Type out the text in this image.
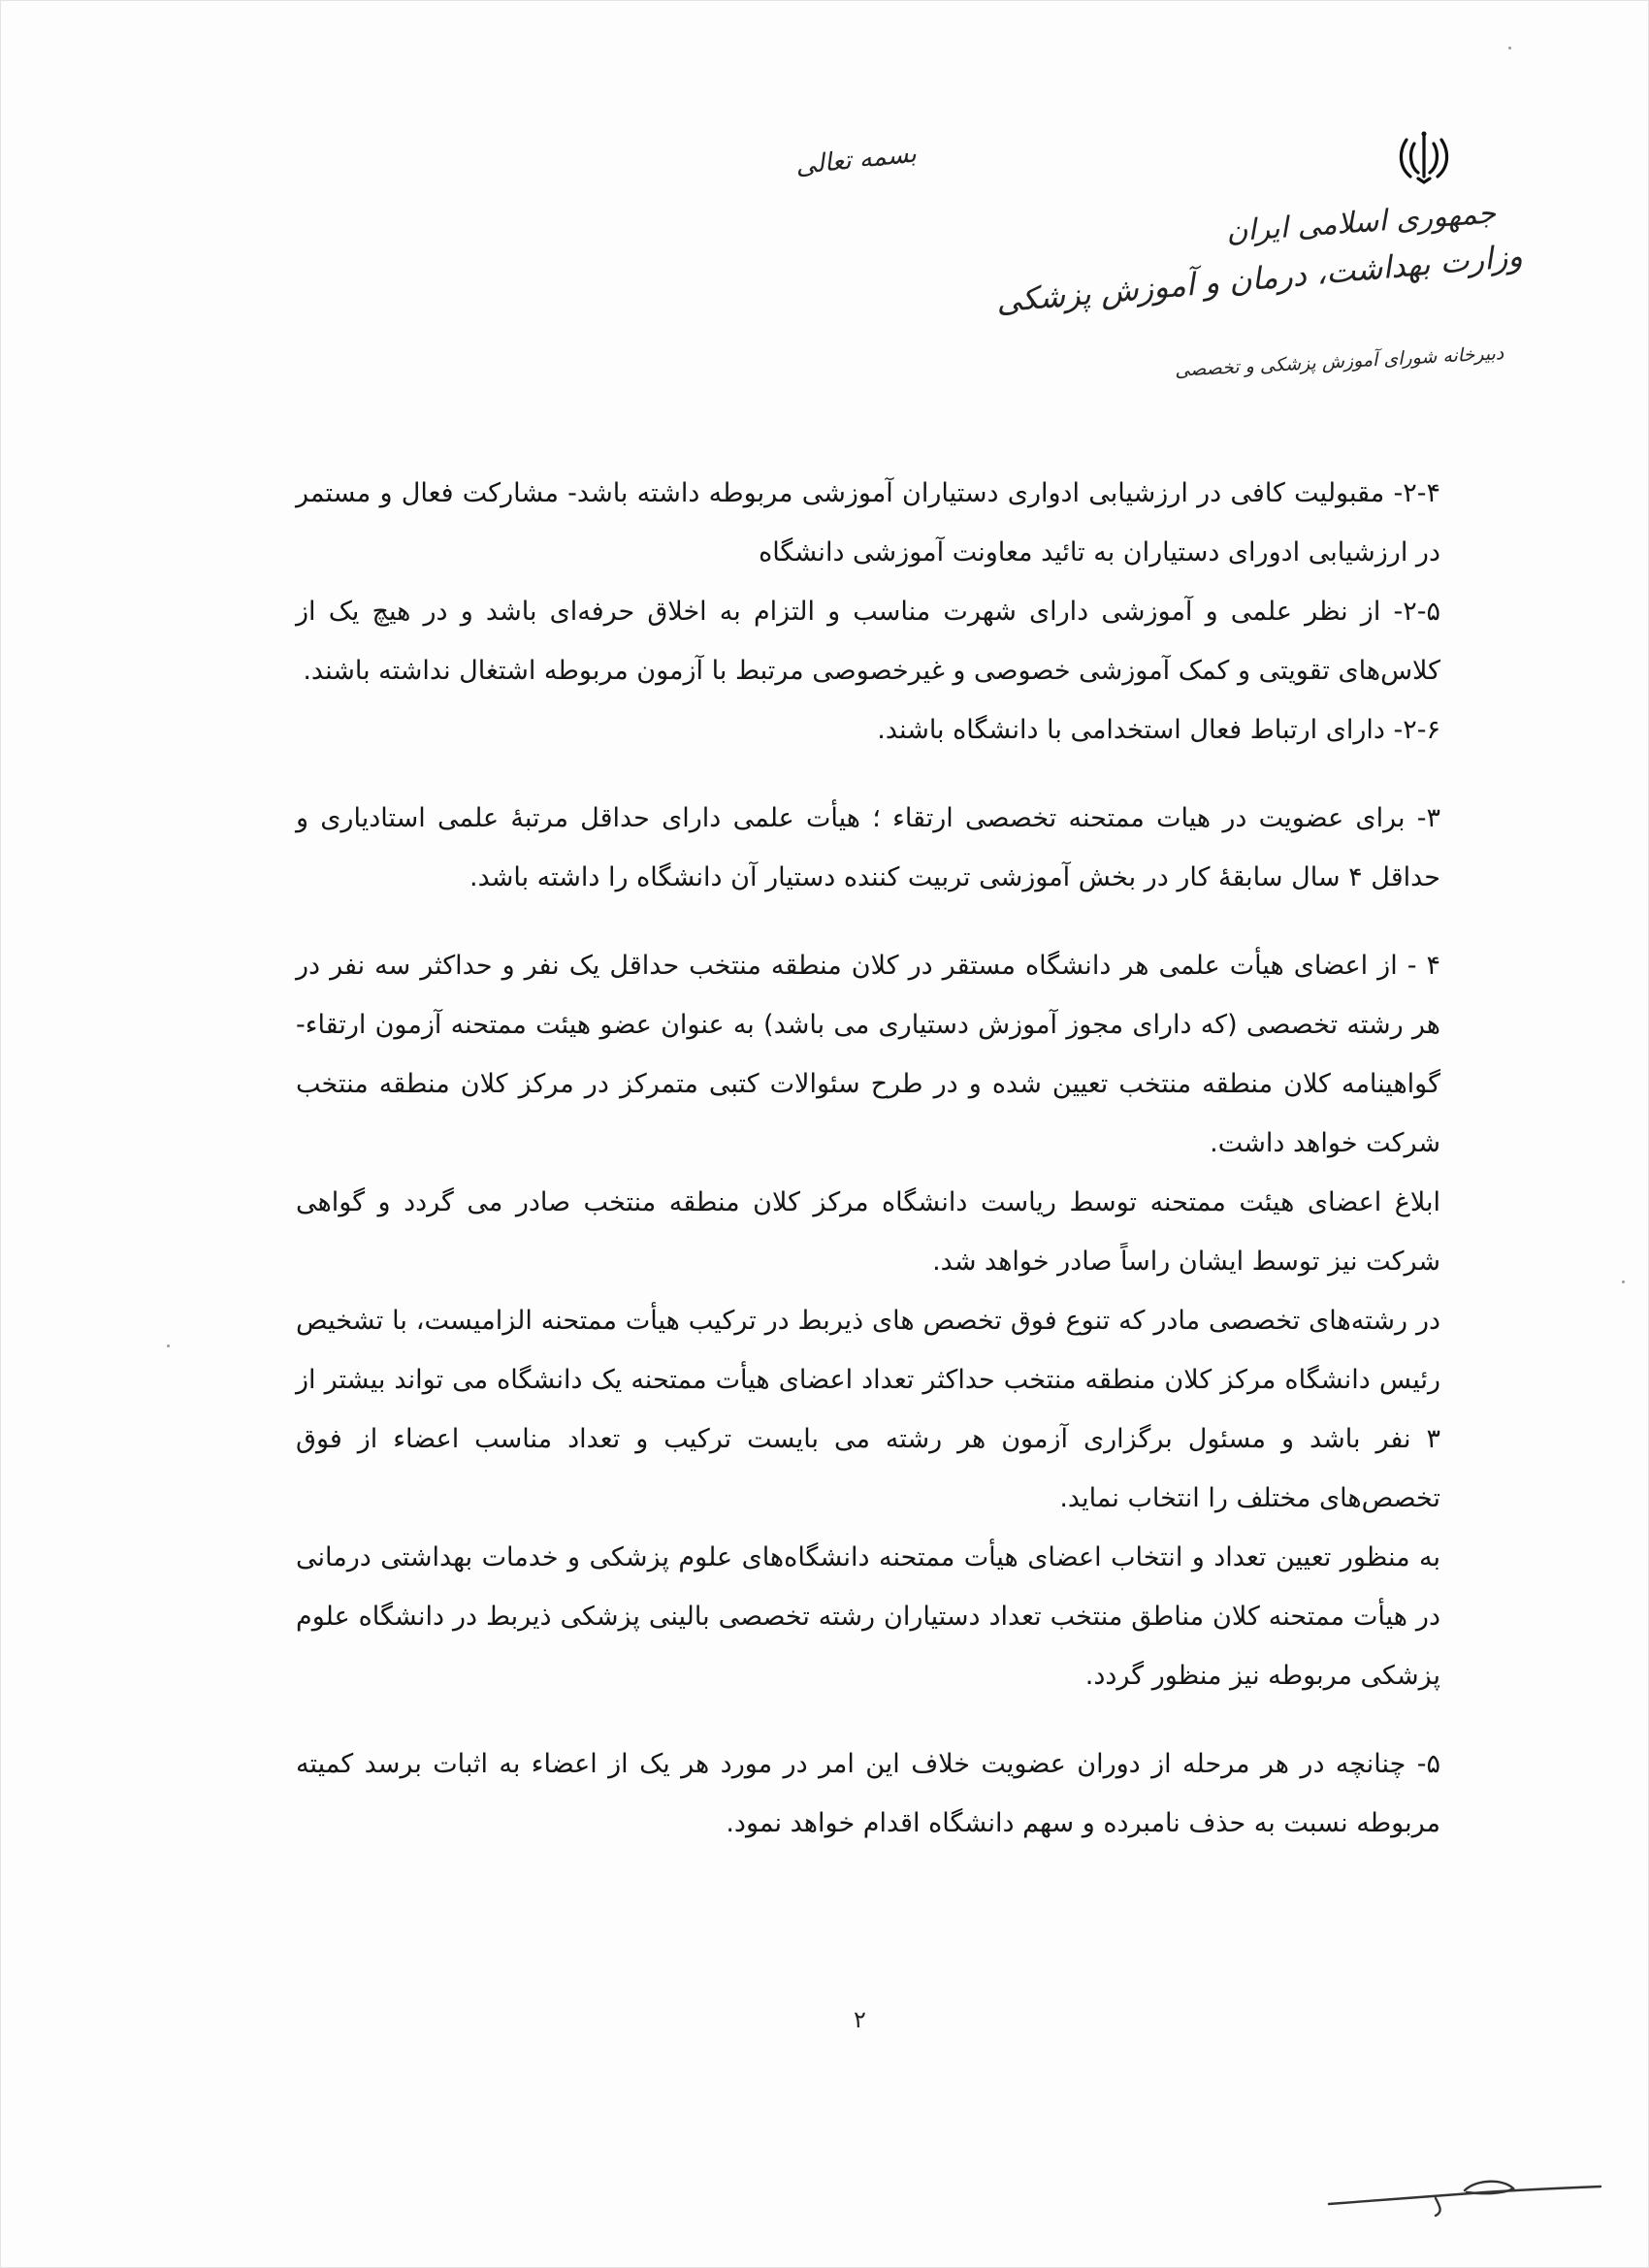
جمهوری اسلامی ایران
وزارت بهداشت، درمان و آموزش پزشکی
دبیرخانه شورای آموزش پزشکی و تخصصی
بسمه تعالی

۲-۴- مقبولیت کافی در ارزشیابی ادواری دستیاران آموزشی مربوطه داشته باشد- مشارکت فعال و مستمر در ارزشیابی ادورای دستیاران به تائید معاونت آموزشی دانشگاه

۲-۵- از نظر علمی و آموزشی دارای شهرت مناسب و التزام به اخلاق حرفه‌ای باشد و در هیچ یک از کلاس‌های تقویتی و کمک آموزشی خصوصی و غیرخصوصی مرتبط با آزمون مربوطه اشتغال نداشته باشند.

۲-۶- دارای ارتباط فعال استخدامی با دانشگاه باشند.

۳- برای عضویت در هیات ممتحنه تخصصی ارتقاء ؛ هیأت علمی دارای حداقل مرتبهٔ علمی استادیاری و حداقل ۴ سال سابقهٔ کار در بخش آموزشی تربیت کننده دستیار آن دانشگاه را داشته باشد.

۴ - از اعضای هیأت علمی هر دانشگاه مستقر در کلان منطقه منتخب حداقل یک نفر و حداکثر سه نفر در هر رشته تخصصی (که دارای مجوز آموزش دستیاری می باشد) به عنوان عضو هیئت ممتحنه آزمون ارتقاء- گواهینامه کلان منطقه منتخب تعیین شده و در طرح سئوالات کتبی متمرکز در مرکز کلان منطقه منتخب شرکت خواهد داشت.

ابلاغ اعضای هیئت ممتحنه توسط ریاست دانشگاه مرکز کلان منطقه منتخب صادر می گردد و گواهی شرکت نیز توسط ایشان راساً صادر خواهد شد.

در رشته‌های تخصصی مادر که تنوع فوق تخصص های ذیربط در ترکیب هیأت ممتحنه الزامیست، با تشخیص رئیس دانشگاه مرکز کلان منطقه منتخب حداکثر تعداد اعضای هیأت ممتحنه یک دانشگاه می تواند بیشتر از ۳ نفر باشد و مسئول برگزاری آزمون هر رشته می بایست ترکیب و تعداد مناسب اعضاء از فوق تخصص‌های مختلف را انتخاب نماید.

به منظور تعیین تعداد و انتخاب اعضای هیأت ممتحنه دانشگاه‌های علوم پزشکی و خدمات بهداشتی درمانی در هیأت ممتحنه کلان مناطق منتخب تعداد دستیاران رشته تخصصی بالینی پزشکی ذیربط در دانشگاه علوم پزشکی مربوطه نیز منظور گردد.

۵- چنانچه در هر مرحله از دوران عضویت خلاف این امر در مورد هر یک از اعضاء به اثبات برسد کمیته مربوطه نسبت به حذف نامبرده و سهم دانشگاه اقدام خواهد نمود.

۲
